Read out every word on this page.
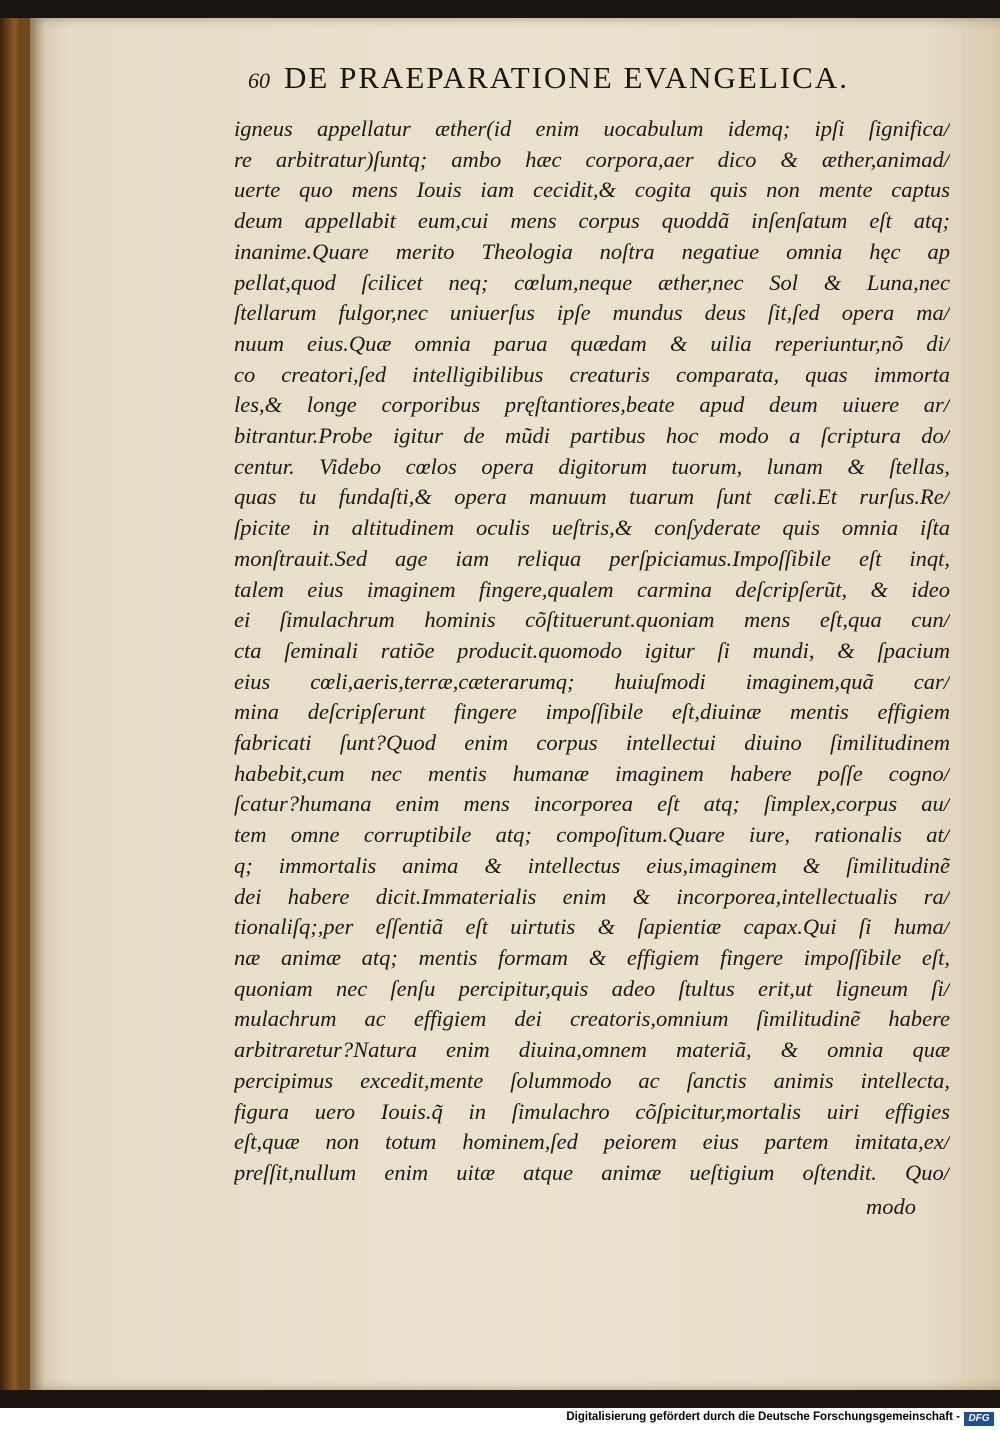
60 DE PRAEPARATIONE EVANGELICA.
igneus appellatur æther(id enim uocabulum idemq; ipſi ſignifica/
re arbitratur)ſuntq; ambo hæc corpora,aer dico & æther,animad/
uerte quo mens Iouis iam cecidit,& cogita quis non mente captus
deum appellabit eum,cui mens corpus quoddã inſenſatum eſt atq;
inanime.Quare merito Theologia noſtra negatiue omnia hęc ap
pellat,quod ſcilicet neq; cœlum,neque æther,nec Sol & Luna,nec
ſtellarum fulgor,nec uniuerſus ipſe mundus deus ſit,ſed opera ma/
nuum eius.Quæ omnia parua quædam & uilia reperiuntur,nõ di/
co creatori,ſed intelligibilibus creaturis comparata, quas immorta
les,& longe corporibus pręſtantiores,beate apud deum uiuere ar/
bitrantur.Probe igitur de mũdi partibus hoc modo a ſcriptura do/
centur. Videbo cœlos opera digitorum tuorum, lunam & ſtellas,
quas tu fundaſti,& opera manuum tuarum ſunt cæli.Et rurſus.Re/
ſpicite in altitudinem oculis ueſtris,& conſyderate quis omnia iſta
monſtrauit.Sed age iam reliqua perſpiciamus.Impoſſibile eſt inqt,
talem eius imaginem fingere,qualem carmina deſcripſerũt, & ideo
ei ſimulachrum hominis cõſtituerunt.quoniam mens eſt,qua cun/
cta ſeminali ratiõe producit.quomodo igitur ſi mundi, & ſpacium
eius cœli,aeris,terræ,cæterarumq; huiuſmodi imaginem,quã car/
mina deſcripſerunt fingere impoſſibile eſt,diuinæ mentis effigiem
fabricati ſunt?Quod enim corpus intellectui diuino ſimilitudinem
habebit,cum nec mentis humanæ imaginem habere poſſe cogno/
ſcatur?humana enim mens incorporea eſt atq; ſimplex,corpus au/
tem omne corruptibile atq; compoſitum.Quare iure, rationalis at/
q; immortalis anima & intellectus eius,imaginem & ſimilitudinẽ
dei habere dicit.Immaterialis enim & incorporea,intellectualis ra/
tionaliſq;,per eſſentiã eſt uirtutis & ſapientiæ capax.Qui ſi huma/
næ animæ atq; mentis formam & effigiem fingere impoſſibile eſt,
quoniam nec ſenſu percipitur,quis adeo ſtultus erit,ut ligneum ſi/
mulachrum ac effigiem dei creatoris,omnium ſimilitudinẽ habere
arbitraretur?Natura enim diuina,omnem materiã, & omnia quæ
percipimus excedit,mente ſolummodo ac ſanctis animis intellecta,
figura uero Iouis.q̃ in ſimulachro cõſpicitur,mortalis uiri effigies
eſt,quæ non totum hominem,ſed peiorem eius partem imitata,ex/
preſſit,nullum enim uitæ atque animæ ueſtigium oſtendit. Quo/
modo
Digitalisierung gefördert durch die Deutsche Forschungsgemeinschaft - DFG
